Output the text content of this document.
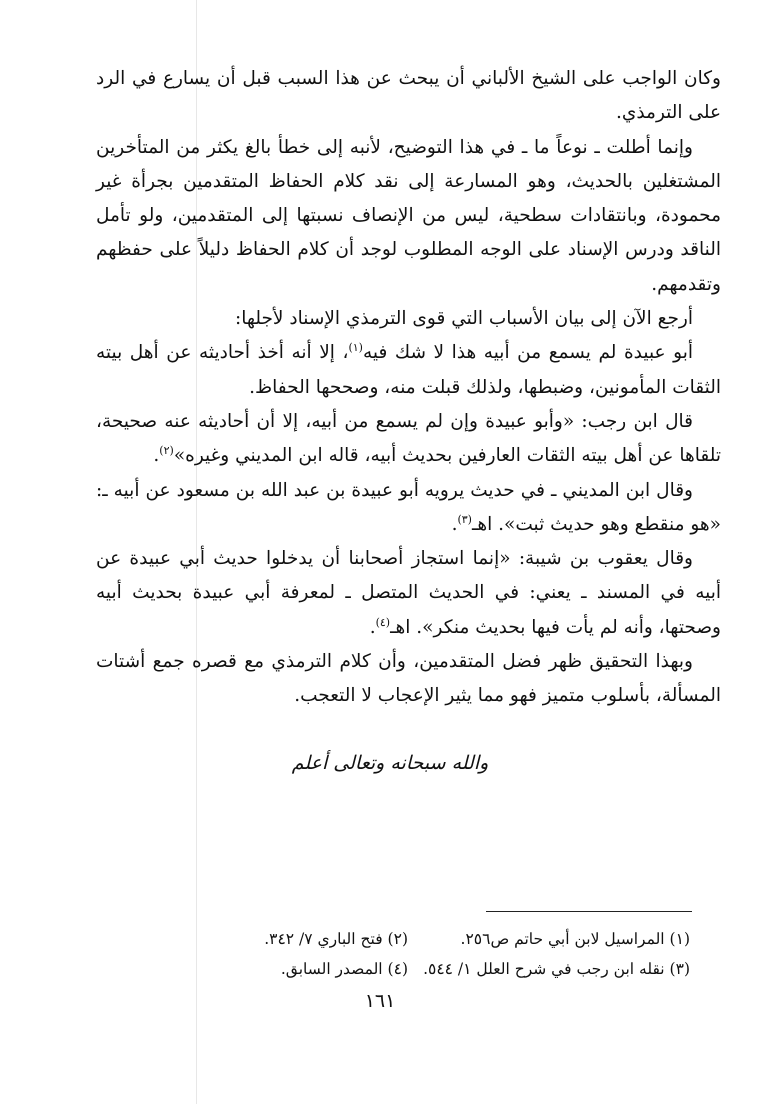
وكان الواجب على الشيخ الألباني أن يبحث عن هذا السبب قبل أن يسارع في الرد على الترمذي.

وإنما أطلت ـ نوعاً ما ـ في هذا التوضيح، لأنبه إلى خطأ بالغ يكثر من المتأخرين المشتغلين بالحديث، وهو المسارعة إلى نقد كلام الحفاظ المتقدمين بجرأة غير محمودة، وبانتقادات سطحية، ليس من الإنصاف نسبتها إلى المتقدمين، ولو تأمل الناقد ودرس الإسناد على الوجه المطلوب لوجد أن كلام الحفاظ دليلاً على حفظهم وتقدمهم.

أرجع الآن إلى بيان الأسباب التي قوى الترمذي الإسناد لأجلها:

أبو عبيدة لم يسمع من أبيه هذا لا شك فيه$^{(١)}$، إلا أنه أخذ أحاديثه عن أهل بيته الثقات المأمونين، وضبطها، ولذلك قبلت منه، وصححها الحفاظ.

قال ابن رجب: «وأبو عبيدة وإن لم يسمع من أبيه، إلا أن أحاديثه عنه صحيحة، تلقاها عن أهل بيته الثقات العارفين بحديث أبيه، قاله ابن المديني وغيره»$^{(٢)}$.

وقال ابن المديني ـ في حديث يرويه أبو عبيدة بن عبد الله بن مسعود عن أبيه ـ: «هو منقطع وهو حديث ثبت». اهـ$^{(٣)}$.

وقال يعقوب بن شيبة: «إنما استجاز أصحابنا أن يدخلوا حديث أبي عبيدة عن أبيه في المسند ـ يعني: في الحديث المتصل ـ لمعرفة أبي عبيدة بحديث أبيه وصحتها، وأنه لم يأت فيها بحديث منكر». اهـ$^{(٤)}$.

وبهذا التحقيق ظهر فضل المتقدمين، وأن كلام الترمذي مع قصره جمع أشتات المسألة، بأسلوب متميز فهو مما يثير الإعجاب لا التعجب.

والله سبحانه وتعالى أعلم
(١) المراسيل لابن أبي حاتم ص٢٥٦.
(٢) فتح الباري ٧/ ٣٤٢.
(٣) نقله ابن رجب في شرح العلل ١/ ٥٤٤.
(٤) المصدر السابق.
١٦١
